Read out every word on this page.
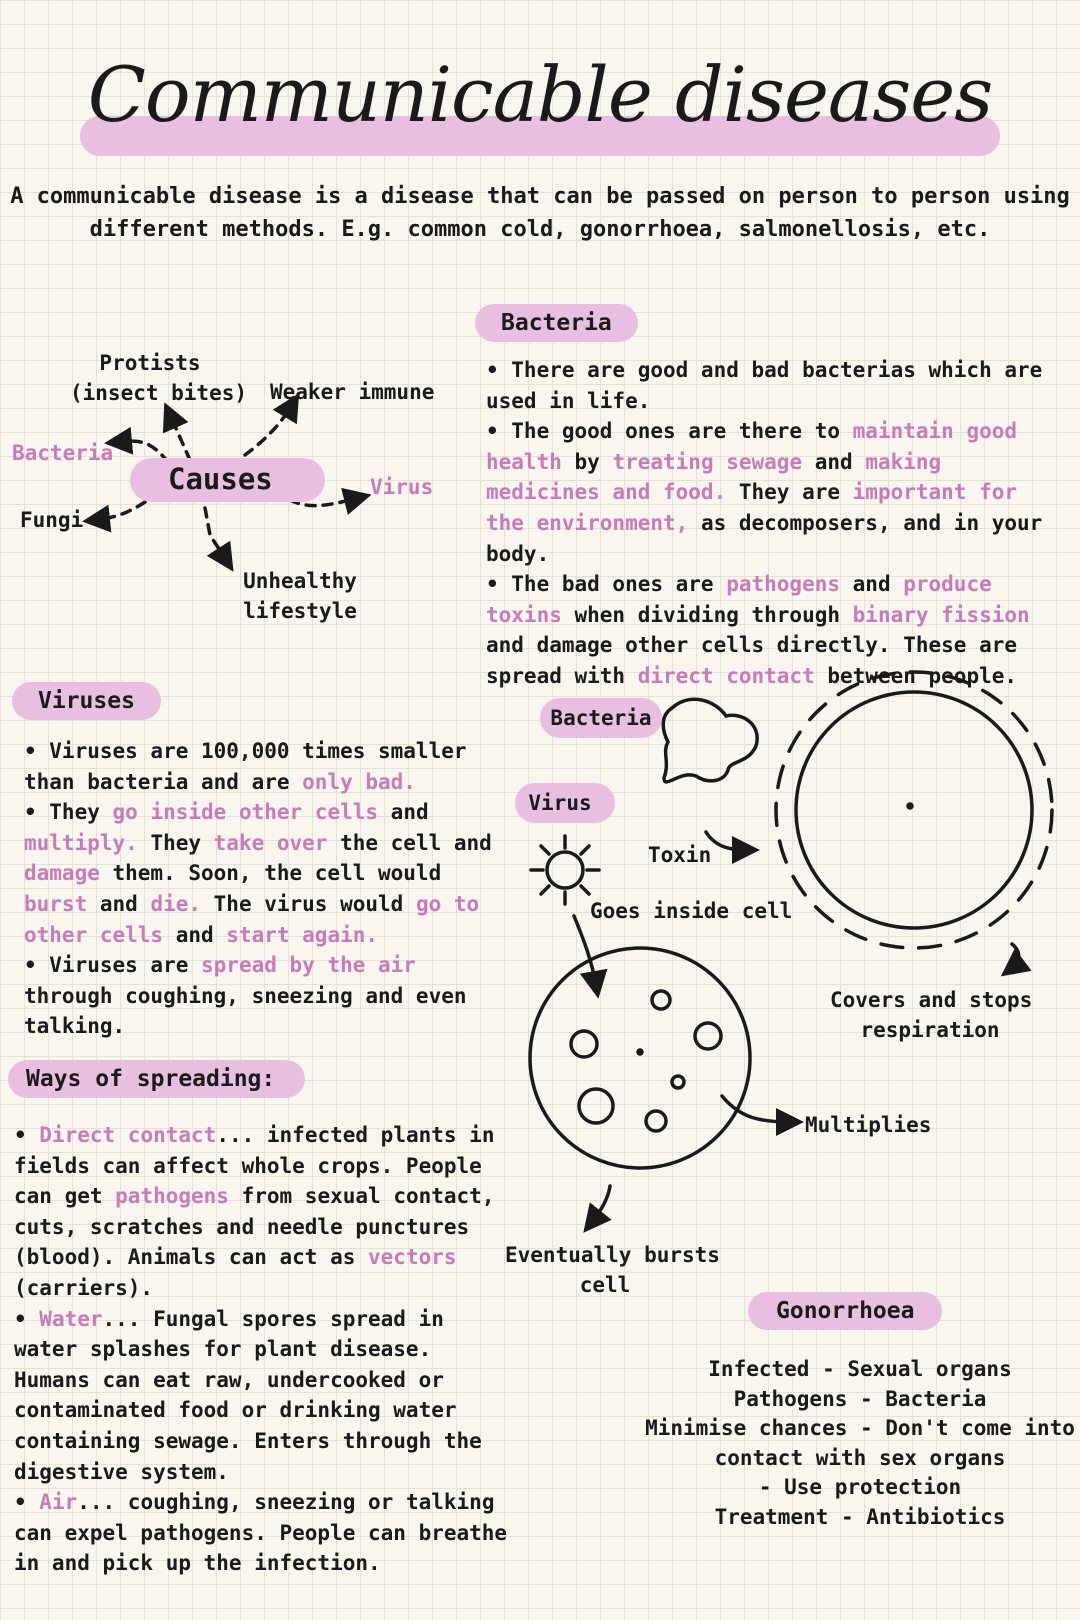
Communicable diseases
A communicable disease is a disease that can be passed on person to person using different methods. E.g. common cold, gonorrhoea, salmonellosis, etc.
Protists
(insect bites) Weaker immune
Bacteria
Causes	Virus
Fungi
Unhealthy
lifestyle
Bacteria
• There are good and bad bacterias which are used in life.
• The good ones are there to maintain good health by treating sewage and making medicines and food. They are important for the environment, as decomposers, and in your body.
• The bad ones are pathogens and produce toxins when dividing through binary fission and damage other cells directly. These are spread with direct contact between people.
Viruses
• Viruses are 100,000 times smaller than bacteria and are only bad.
• They go inside other cells and multiply. They take over the cell and damage them. Soon, the cell would burst and die. The virus would go to other cells and start again.
• Viruses are spread by the air through coughing, sneezing and even talking.
Bacteria
Virus
Toxin
Goes inside cell
Covers and stops
respiration
Multiplies
Eventually bursts
cell
Ways of spreading:
• Direct contact... infected plants in fields can affect whole crops. People can get pathogens from sexual contact, cuts, scratches and needle punctures (blood). Animals can act as vectors (carriers).
• Water... Fungal spores spread in water splashes for plant disease. Humans can eat raw, undercooked or contaminated food or drinking water containing sewage. Enters through the digestive system.
• Air... coughing, sneezing or talking can expel pathogens. People can breathe in and pick up the infection.
Gonorrhoea
Infected - Sexual organs
Pathogens - Bacteria
Minimise chances - Don't come into
contact with sex organs
- Use protection
Treatment - Antibiotics
